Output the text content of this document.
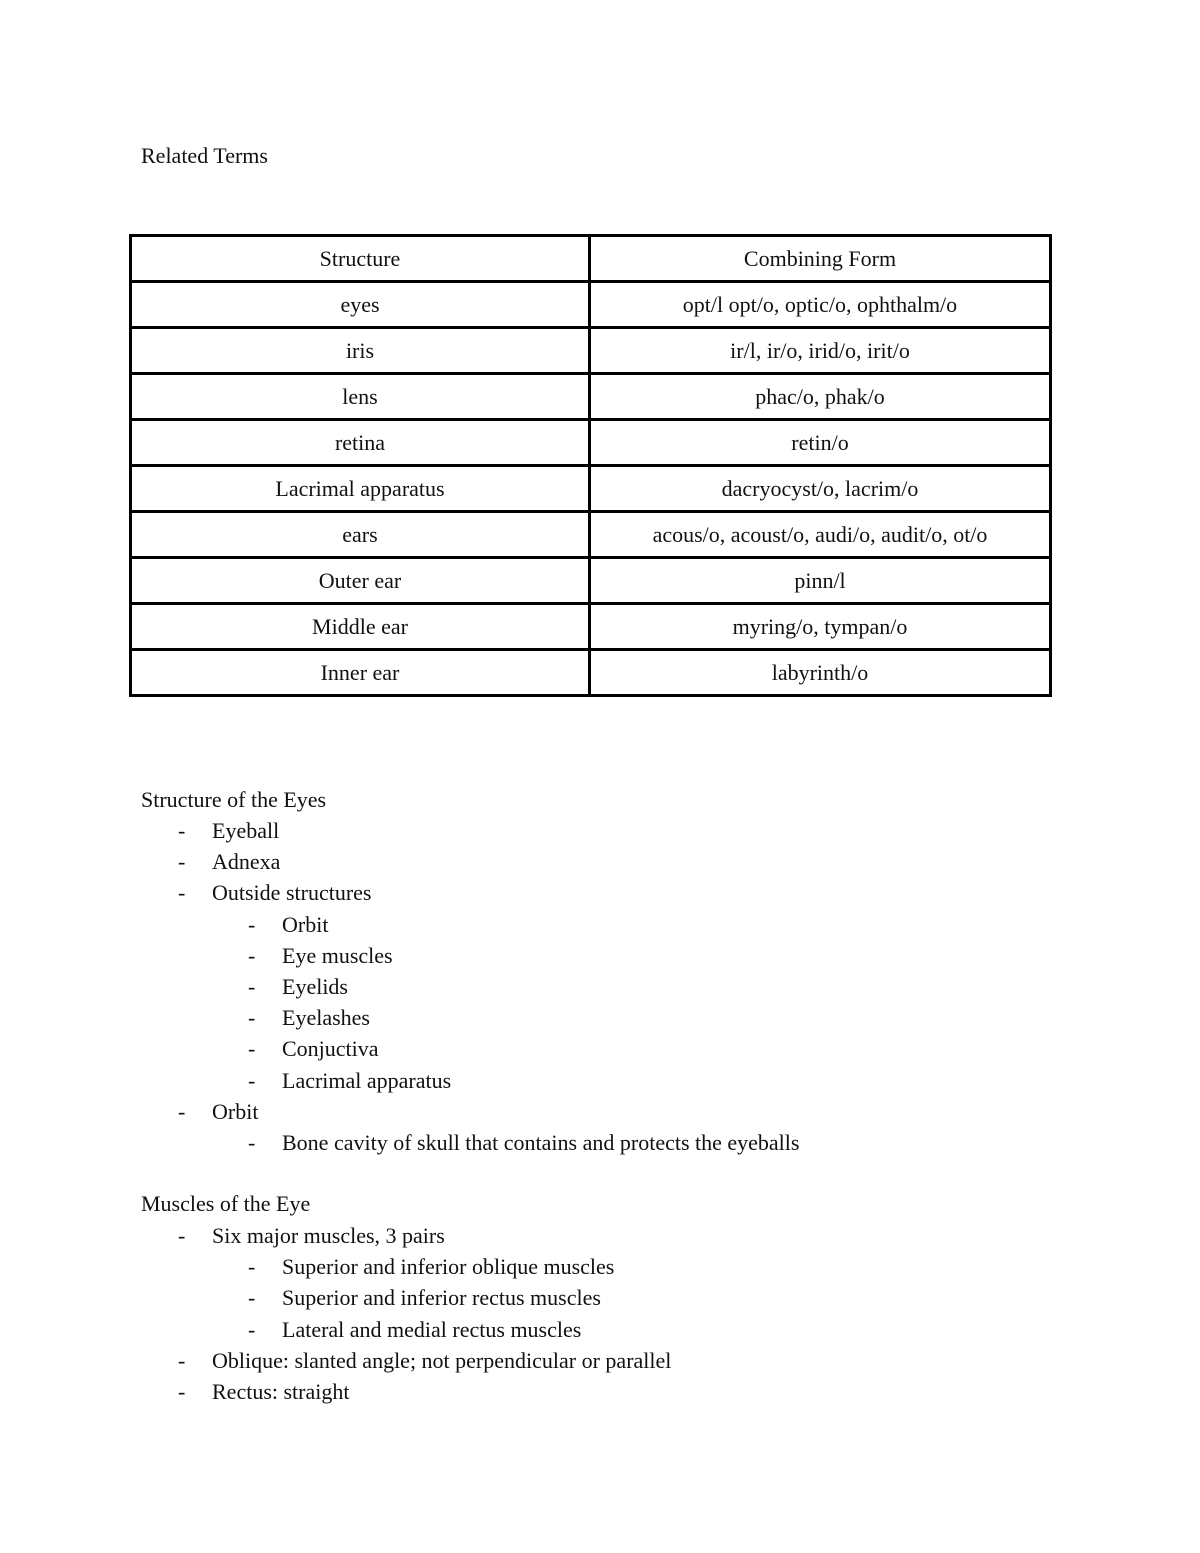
Related Terms
Structure	Combining Form
eyes	opt/l opt/o, optic/o, ophthalm/o
iris	ir/l, ir/o, irid/o, irit/o
lens	phac/o, phak/o
retina	retin/o
Lacrimal apparatus	dacryocyst/o, lacrim/o
ears	acous/o, acoust/o, audi/o, audit/o, ot/o
Outer ear	pinn/l
Middle ear	myring/o, tympan/o
Inner ear	labyrinth/o
Structure of the Eyes
- Eyeball
- Adnexa
- Outside structures
- Orbit
- Eye muscles
- Eyelids
- Eyelashes
- Conjuctiva
- Lacrimal apparatus
- Orbit
- Bone cavity of skull that contains and protects the eyeballs
Muscles of the Eye
- Six major muscles, 3 pairs
- Superior and inferior oblique muscles
- Superior and inferior rectus muscles
- Lateral and medial rectus muscles
- Oblique: slanted angle; not perpendicular or parallel
- Rectus: straight
